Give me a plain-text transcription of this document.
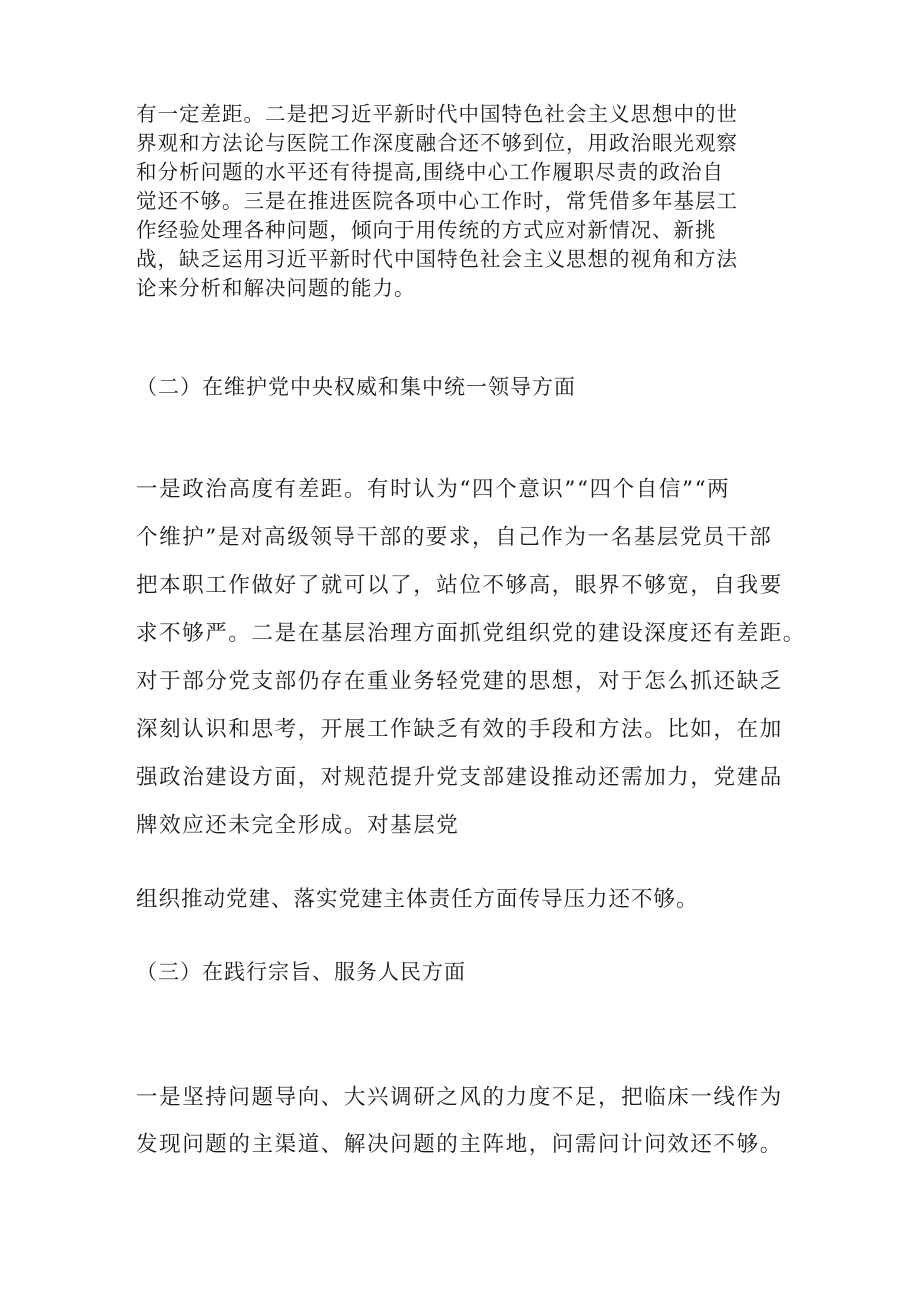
有一定差距。二是把习近平新时代中国特色社会主义思想中的世
界观和方法论与医院工作深度融合还不够到位，用政治眼光观察
和分析问题的水平还有待提高,围绕中心工作履职尽责的政治自
觉还不够。三是在推进医院各项中心工作时，常凭借多年基层工
作经验处理各种问题，倾向于用传统的方式应对新情况、新挑
战，缺乏运用习近平新时代中国特色社会主义思想的视角和方法
论来分析和解决问题的能力。
（二）在维护党中央权威和集中统一领导方面
一是政治高度有差距。有时认为“四个意识”“四个自信”“两
个维护”是对高级领导干部的要求，自己作为一名基层党员干部
把本职工作做好了就可以了，站位不够高，眼界不够宽，自我要
求不够严。二是在基层治理方面抓党组织党的建设深度还有差距。
对于部分党支部仍存在重业务轻党建的思想，对于怎么抓还缺乏
深刻认识和思考，开展工作缺乏有效的手段和方法。比如，在加
强政治建设方面，对规范提升党支部建设推动还需加力，党建品
牌效应还未完全形成。对基层党
组织推动党建、落实党建主体责任方面传导压力还不够。
（三）在践行宗旨、服务人民方面
一是坚持问题导向、大兴调研之风的力度不足，把临床一线作为
发现问题的主渠道、解决问题的主阵地，问需问计问效还不够。
